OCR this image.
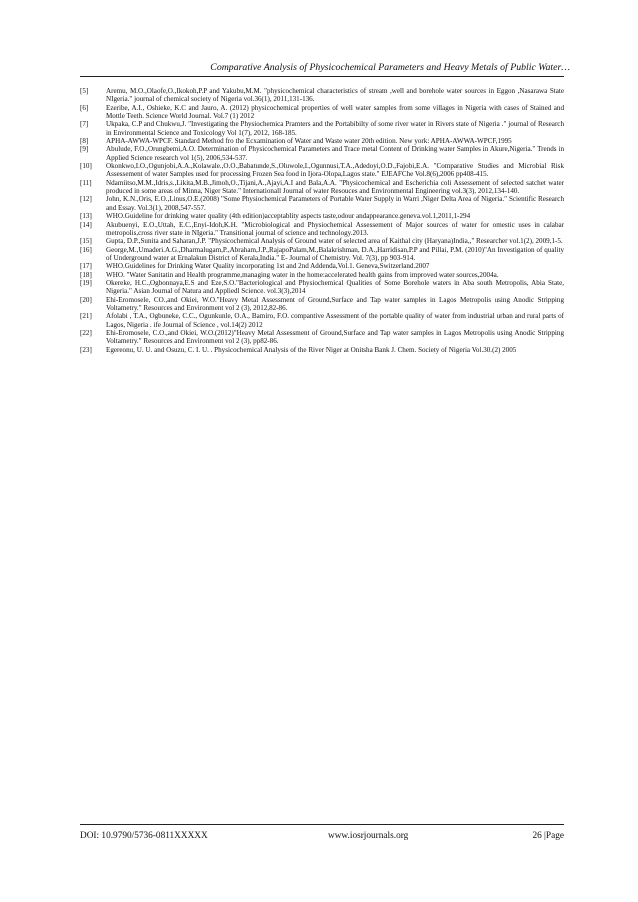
Comparative Analysis of Physicochemical Parameters and Heavy Metals of Public Water…
[5]	Aremu, M.O.,Olaofe,O.,Ikokoh,P.P and Yakubu,M.M. "physicochemical characteristics of stream ,well and borehole water sources in Eggon ,Nasarawa State NIgeria." journal of chemical society of Nigeria vol.36(1), 2011,131-136.
[6]	Ezeribe, A.I., Oshieke, K.C and Jauro, A. (2012) physicochemical properties of well water samples from some villages in Nigeria with cases of Stained and Mottle Teeth. Science World Journal. Vol.7 (1) 2012
[7]	Ukpaka, C.P and Chukwu,J. "Investigating the Physiochemica Pramters and the Portabibilty of some river water in Rivers state of Nigeria ." journal of Research in Environmental Science and Toxicology Vol 1(7), 2012, 168-185.
[8]	APHA-AWWA-WPCF. Standard Method fro the Ecxamination of Water and Waste water 20th edition. New york: APHA-AWWA-WPCF,1995
[9]	Abulude, F.O.,Orungbemi,A.O. Determination of Physicochemical Parameters and Trace metal Content of Drinking water Samples in Akure,Nigeria." Trends in Applied Science research vol 1(5), 2006,534-537.
[10]	Okonkwo,I.O.,Ogunjobi,A.A.,Kolawale.,O.O.,Babatunde,S.,Oluwole,I.,Ogunnusi,T.A.,Adedoyi,O.D.,Fajobi,E.A. "Comparative Studies and Microbial Risk Assessement of water Samples used for processing Frozen Sea food in Ijora-Olopa,Lagos state." EJEAFChe Vol.8(6),2006 pp408-415.
[11]	Ndamiitso,M.M.,Idris,s.,Likita,M.B.,Jimoh,O.,Tijani,A.,Ajayi,A.I and Bala,A.A. "Physicochemical and Escherichia coli Assessement of selected satchet water produced in some areas of Minna, Niger State." Internationall Journal of water Resouces and Environmental Engineering vol.3(3), 2012,134-140.
[12]	John, K.N.,Oris, E.O.,Linus,O.E.(2008) "Some Physiochemical Parameters of Portable Water Supply in Warri ,Niger Delta Area of Nigeria." Scientific Research and Essay. Vol.3(1), 2008,547-557.
[13]	WHO.Guideline for drinking water quality (4th edition)acceptablity aspects taste,odour andappearance.geneva.vol.1,2011,1-294
[14]	Akubuenyi, E.O.,Uttah, E.C.,Enyi-Idoh,K.H. "Microbiological and Physiochemical Assessement of Major sources of water for omestic uses in calabar metropolis,cross river state in NIgeria." Transitional journal of science and technology.2013.
[15]	Gupta, D.P.,Sunita and Saharan,J.P. "Physicochemical Analysis of Ground water of selected area of Kaithal city (Haryana)India,," Researcher vol.1(2), 2009,1-5.
[16]	George,M.,Umaderi.A.G.,Dharmalugam,P.,Abraham,J.P.,RajapoPalam,M.,Balakrishman, D.A.,Harridisan,P.P and Pillai, P.M. (2010)"An Investigation of quality of Underground water at Ernalakun District of Kerala,India." E- Journal of Chemistry. Vol. 7(3), pp 903-914.
[17]	WHO.Guidelines for Drinking Water Quality incorporating 1st and 2nd Addenda,Vol.1. Geneva,Switzerland.2007
[18]	WHO. "Water Sanitatin and Health programme,managing water in the home:accelerated health gains from improved water sources,2004a.
[19]	Okereke, H.C.,Ogbonnaya,E.S and Eze,S.O."Bacteriological and Physiochemical Qualities of Some Borehole waters in Aba south Metropolis, Abia State, Nigeria." Asian Journal of Natura and Appliedl Science. vol.3(3),2014
[20]	Ehi-Eromosele, CO.,and Okiei, W.O."Heavy Metal Assessment of Ground,Surface and Tap water samples in Lagos Metropolis using Anodic Stripping Voltametry." Resources and Environment vol 2 (3), 2012,82-86.
[21]	Afolabi , T.A., Ogbuneke, C.C., Ogunkunle, O.A., Bamiro, F.O. compantive Assessment of the portable quality of water from industrial urban and rural parts of Lagos, Nigeria . ife Journal of Science , vol.14(2) 2012
[22]	Ehi-Eromosele, C.O.,and Okiei, W.O.(2012)"Heavy Metal Assessment of Ground,Surface and Tap water samples in Lagos Metropolis using Anodic Stripping Voltametry." Resources and Environment vol 2 (3), pp82-86.
[23]	Egereonu, U. U. and Osuzu, C. I. U. . Physicochemical Analysis of the River Niger at Onitsha Bank J. Chem. Society of Nigeria Vol.30.(2) 2005
DOI: 10.9790/5736-0811XXXXX	www.iosrjournals.org	26 |Page
